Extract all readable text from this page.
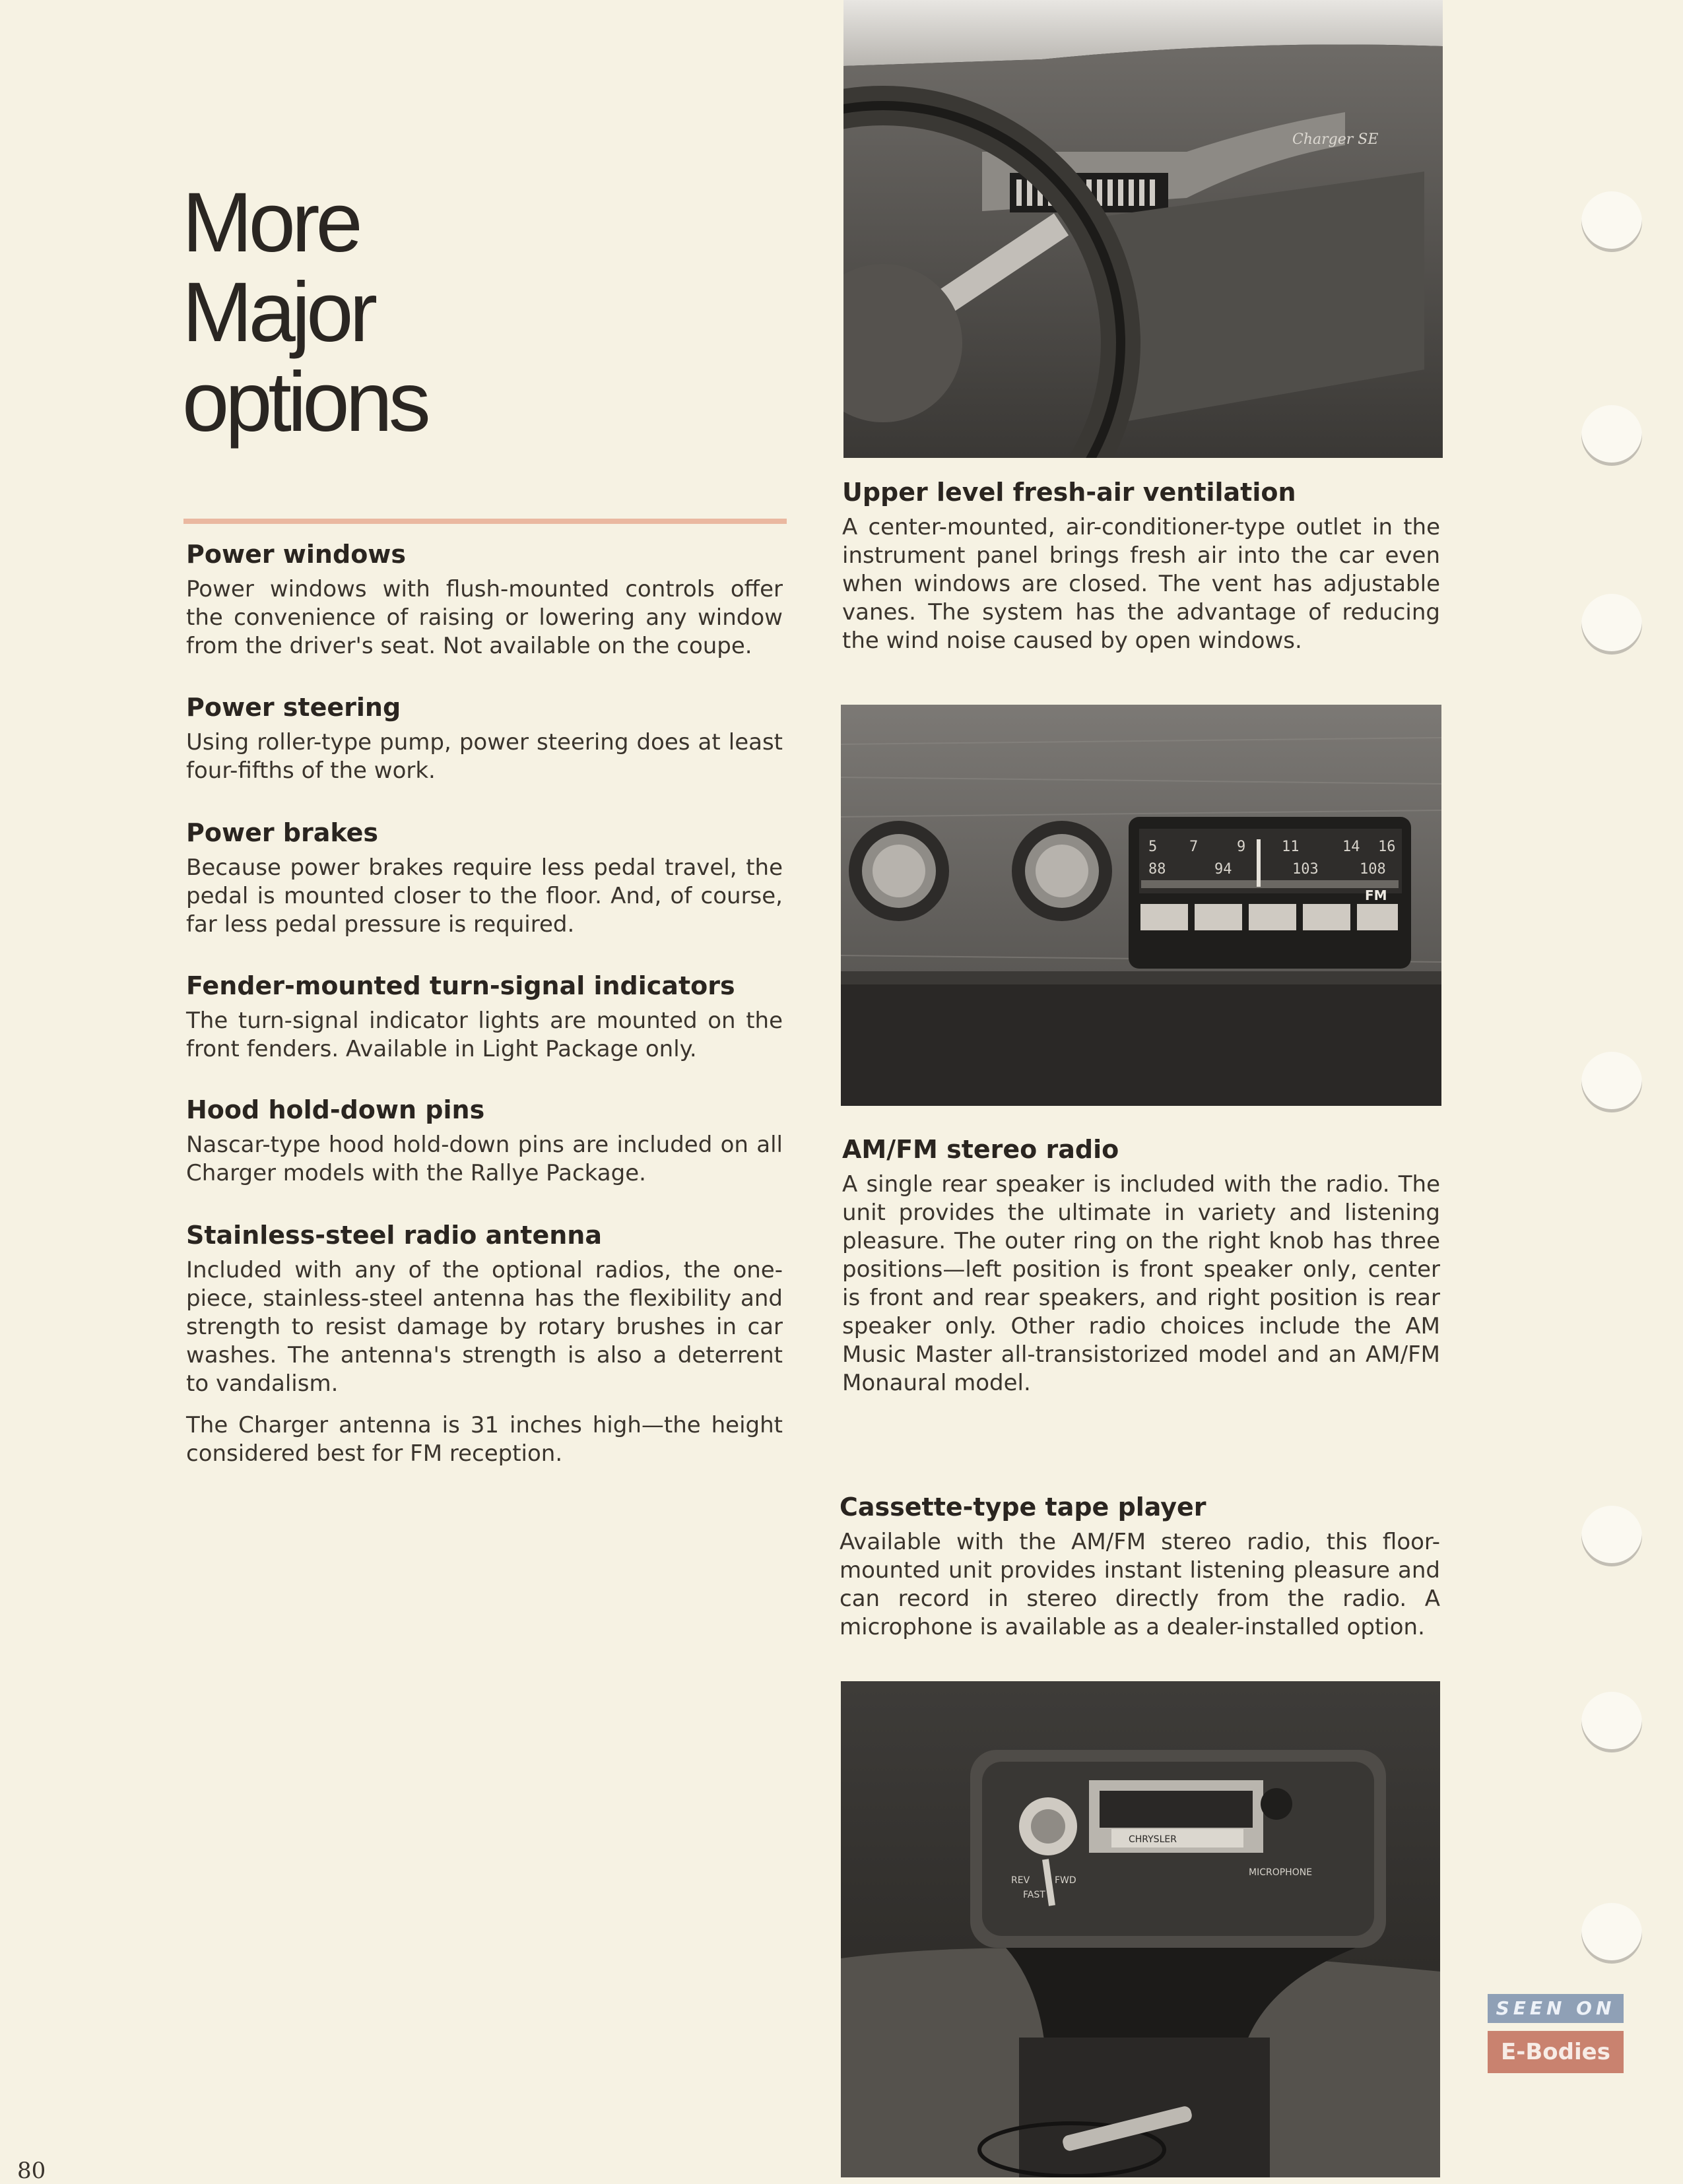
More
Major
options
Power windows

Power windows with flush-mounted controls offer the convenience of raising or lowering any window from the driver's seat. Not available on the coupe.

Power steering

Using roller-type pump, power steering does at least four-fifths of the work.

Power brakes

Because power brakes require less pedal travel, the pedal is mounted closer to the floor. And, of course, far less pedal pressure is required.

Fender-mounted turn-signal indicators

The turn-signal indicator lights are mounted on the front fenders. Available in Light Package only.

Hood hold-down pins

Nascar-type hood hold-down pins are included on all Charger models with the Rallye Package.

Stainless-steel radio antenna

Included with any of the optional radios, the one-piece, stainless-steel antenna has the flexibility and strength to resist damage by rotary brushes in car washes. The antenna's strength is also a deterrent to vandalism.

The Charger antenna is 31 inches high—the height considered best for FM reception.

Upper level fresh-air ventilation

A center-mounted, air-conditioner-type outlet in the instrument panel brings fresh air into the car even when windows are closed. The vent has adjustable vanes. The system has the advantage of reducing the wind noise caused by open windows.

AM/FM stereo radio

A single rear speaker is included with the radio. The unit provides the ultimate in variety and listening pleasure. The outer ring on the right knob has three positions—left position is front speaker only, center is front and rear speakers, and right position is rear speaker only. Other radio choices include the AM Music Master all-transistorized model and an AM/FM Monaural model.

Cassette-type tape player

Available with the AM/FM stereo radio, this floor-mounted unit provides instant listening pleasure and can record in stereo directly from the radio. A microphone is available as a dealer-installed option.

Charger SE
5 7	9 11	14 16
88	94	103	108
FM
CHRYSLER
REV	FWD
FAST
MICROPHONE
SEEN ON
E-Bodies
80
